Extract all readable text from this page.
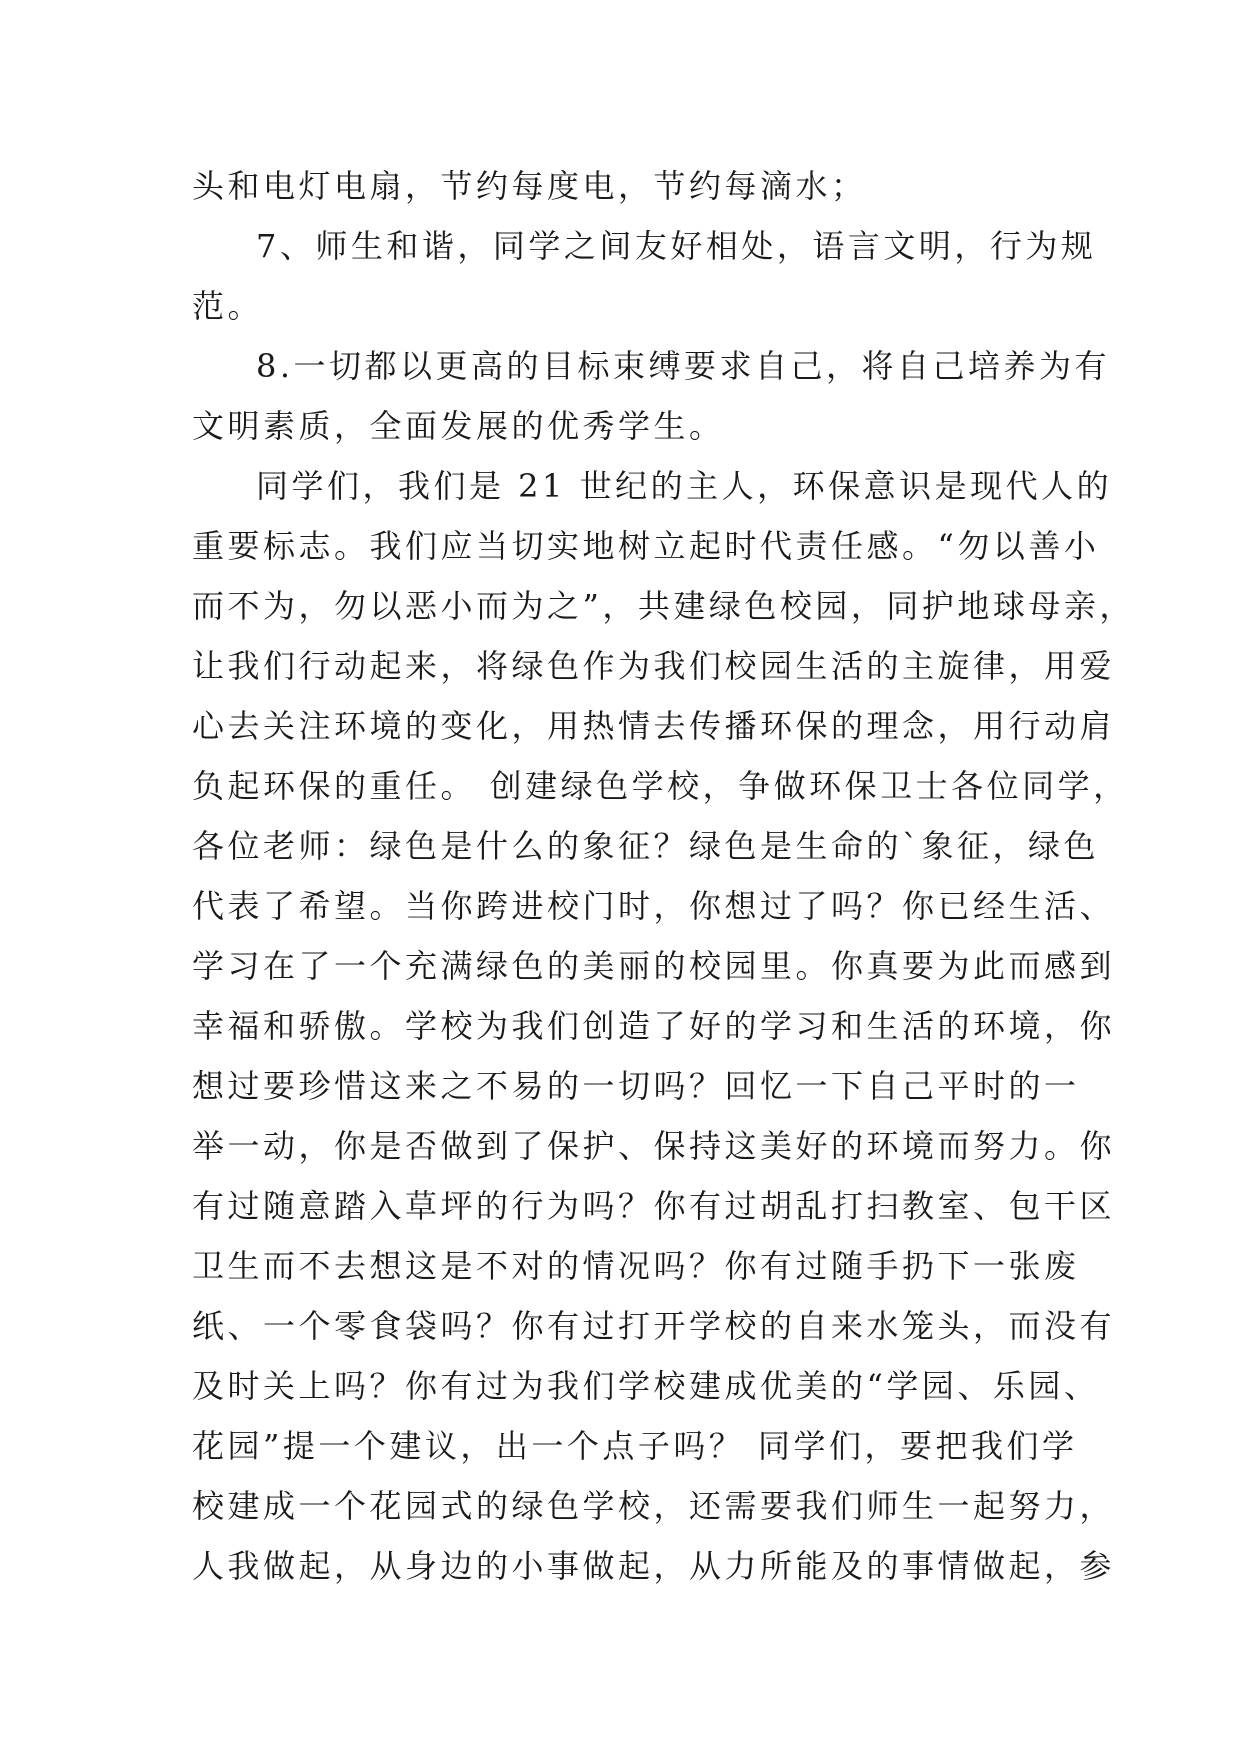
头和电灯电扇，节约每度电，节约每滴水；
7、师生和谐，同学之间友好相处，语言文明，行为规
范。
8.一切都以更高的目标束缚要求自己，将自己培养为有
文明素质，全面发展的优秀学生。
同学们，我们是 21 世纪的主人，环保意识是现代人的
重要标志。我们应当切实地树立起时代责任感。“勿以善小
而不为，勿以恶小而为之”，共建绿色校园，同护地球母亲，
让我们行动起来，将绿色作为我们校园生活的主旋律，用爱
心去关注环境的变化，用热情去传播环保的理念，用行动肩
负起环保的重任。 创建绿色学校，争做环保卫士各位同学，
各位老师：绿色是什么的象征？绿色是生命的`象征，绿色
代表了希望。当你跨进校门时，你想过了吗？你已经生活、
学习在了一个充满绿色的美丽的校园里。你真要为此而感到
幸福和骄傲。学校为我们创造了好的学习和生活的环境，你
想过要珍惜这来之不易的一切吗？回忆一下自己平时的一
举一动，你是否做到了保护、保持这美好的环境而努力。你
有过随意踏入草坪的行为吗？你有过胡乱打扫教室、包干区
卫生而不去想这是不对的情况吗？你有过随手扔下一张废
纸、一个零食袋吗？你有过打开学校的自来水笼头，而没有
及时关上吗？你有过为我们学校建成优美的“学园、乐园、
花园”提一个建议，出一个点子吗？ 同学们，要把我们学
校建成一个花园式的绿色学校，还需要我们师生一起努力，
人我做起，从身边的小事做起，从力所能及的事情做起，参
